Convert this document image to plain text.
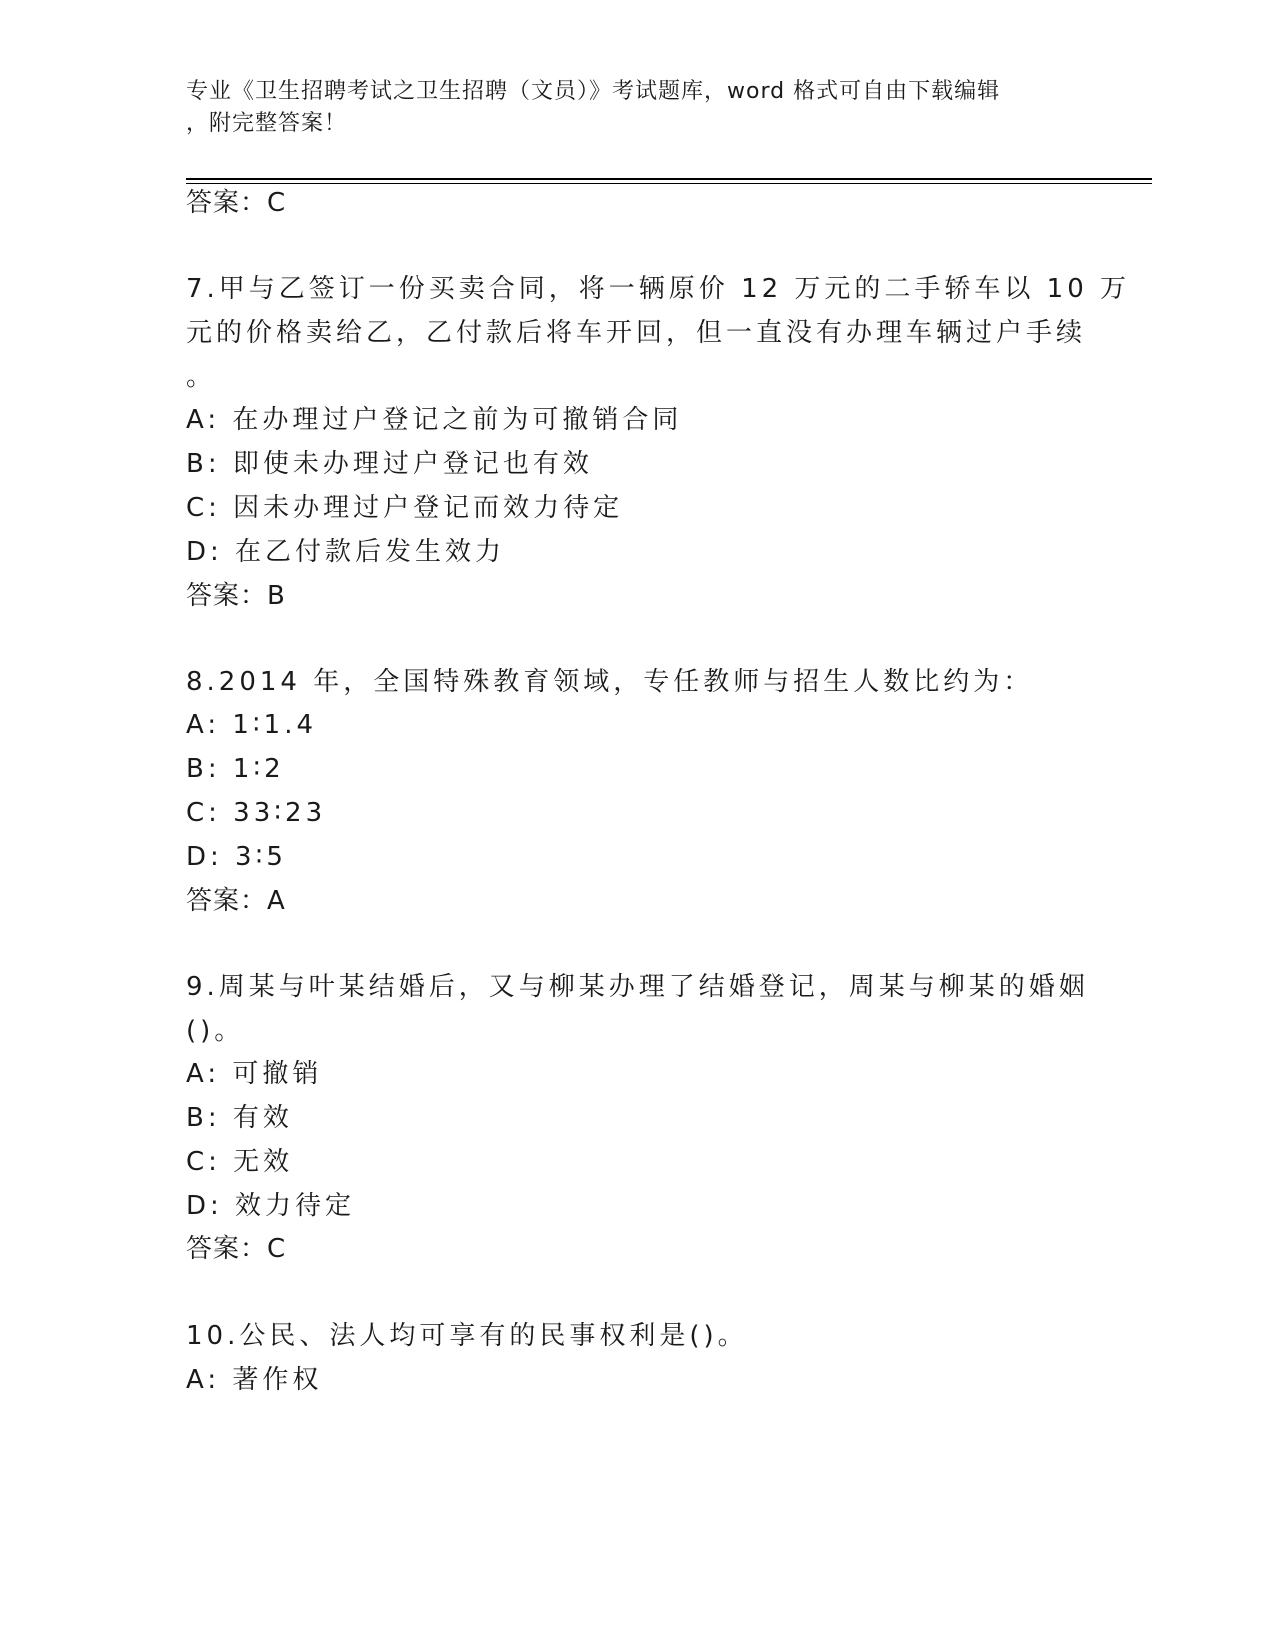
专业《卫生招聘考试之卫生招聘（文员）》考试题库，word 格式可自由下载编辑
，附完整答案！
答案：C
7.甲与乙签订一份买卖合同，将一辆原价 12 万元的二手轿车以 10 万
元的价格卖给乙，乙付款后将车开回，但一直没有办理车辆过户手续
。
A: 在办理过户登记之前为可撤销合同
B: 即使未办理过户登记也有效
C: 因未办理过户登记而效力待定
D: 在乙付款后发生效力
答案：B
8.2014 年，全国特殊教育领域，专任教师与招生人数比约为：
A: 1∶1.4
B: 1∶2
C: 33∶23
D: 3∶5
答案：A
9.周某与叶某结婚后，又与柳某办理了结婚登记，周某与柳某的婚姻
()。
A: 可撤销
B: 有效
C: 无效
D: 效力待定
答案：C
10.公民、法人均可享有的民事权利是()。
A: 著作权
